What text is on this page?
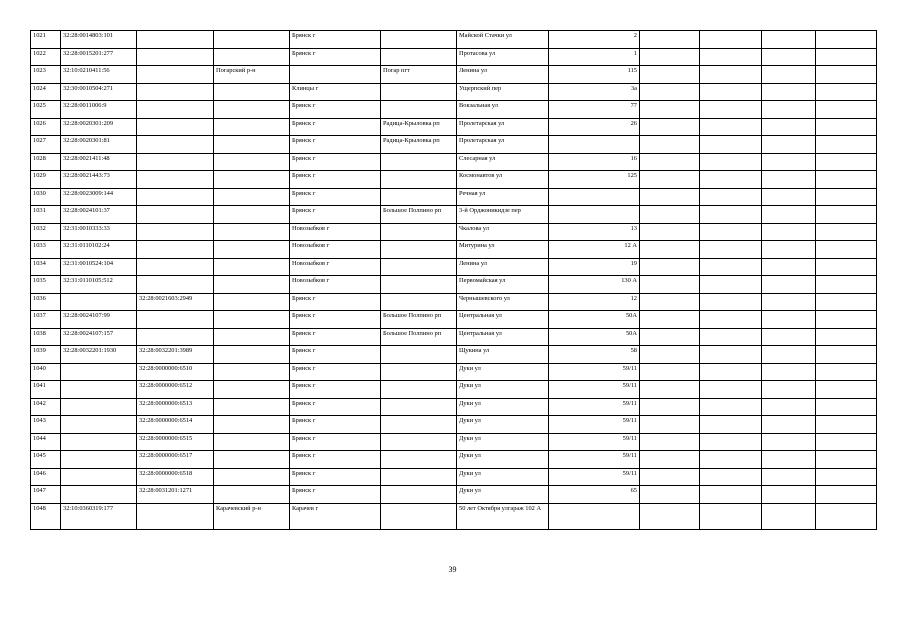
1021	32:28:0014803:101			Брянск г		Майской Стачки ул	2				
1022	32:28:0015201:277			Брянск г		Протасова ул	1				
1023	32:10:0210411:56		Погарский р-н		Погар пгт	Ленина ул	115				
1024	32:30:0010504:271			Клинцы г		Ущерпский пер	3а				
1025	32:28:0011006:9			Брянск г		Вокзальная ул	77				
1026	32:28:0020301:209			Брянск г	Радица-Крыловка рп	Пролетарская ул	26				
1027	32:28:0020301:81			Брянск г	Радица-Крыловка рп	Пролетарская ул					
1028	32:28:0021411:48			Брянск г		Слесарная ул	16				
1029	32:28:0021443:73			Брянск г		Космонавтов ул	125				
1030	32:28:0023009:144			Брянск г		Речная ул					
1031	32:28:0024101:37			Брянск г	Большое Полпино рп	3-й Орджоникидзе пер					
1032	32:31:0010333:33			Новозыбков г		Чкалова ул	13				
1033	32:31:0110102:24			Новозыбков г		Митурина ул	12 А				
1034	32:31:0010524:104			Новозыбков г		Ленина ул	19				
1035	32:31:0110105:512			Новозыбков г		Первомайская ул	130 А				
1036		32:28:0021603:2949		Брянск г		Чернышевского ул	12				
1037	32:28:0024107:99			Брянск г	Большое Полпино рп	Центральная ул	50А				
1038	32:28:0024107:157			Брянск г	Большое Полпино рп	Центральная ул	50А				
1039	32:28:0032201:1930	32:28:0032201:3989		Брянск г		Щукина ул	58				
1040		32:28:0000000:6510		Брянск г		Дуки ул	59/11				
1041		32:28:0000000:6512		Брянск г		Дуки ул	59/11				
1042		32:28:0000000:6513		Брянск г		Дуки ул	59/11				
1043		32:28:0000000:6514		Брянск г		Дуки ул	59/11				
1044		32:28:0000000:6515		Брянск г		Дуки ул	59/11				
1045		32:28:0000000:6517		Брянск г		Дуки ул	59/11				
1046		32:28:0000000:6518		Брянск г		Дуки ул	59/11				
1047		32:28:0031201:1271		Брянск г		Дуки ул	65				
1048	32:10:0360319:177		Карачевский р-н	Карачев г		50 лет Октября улгараж 102 А					
39
